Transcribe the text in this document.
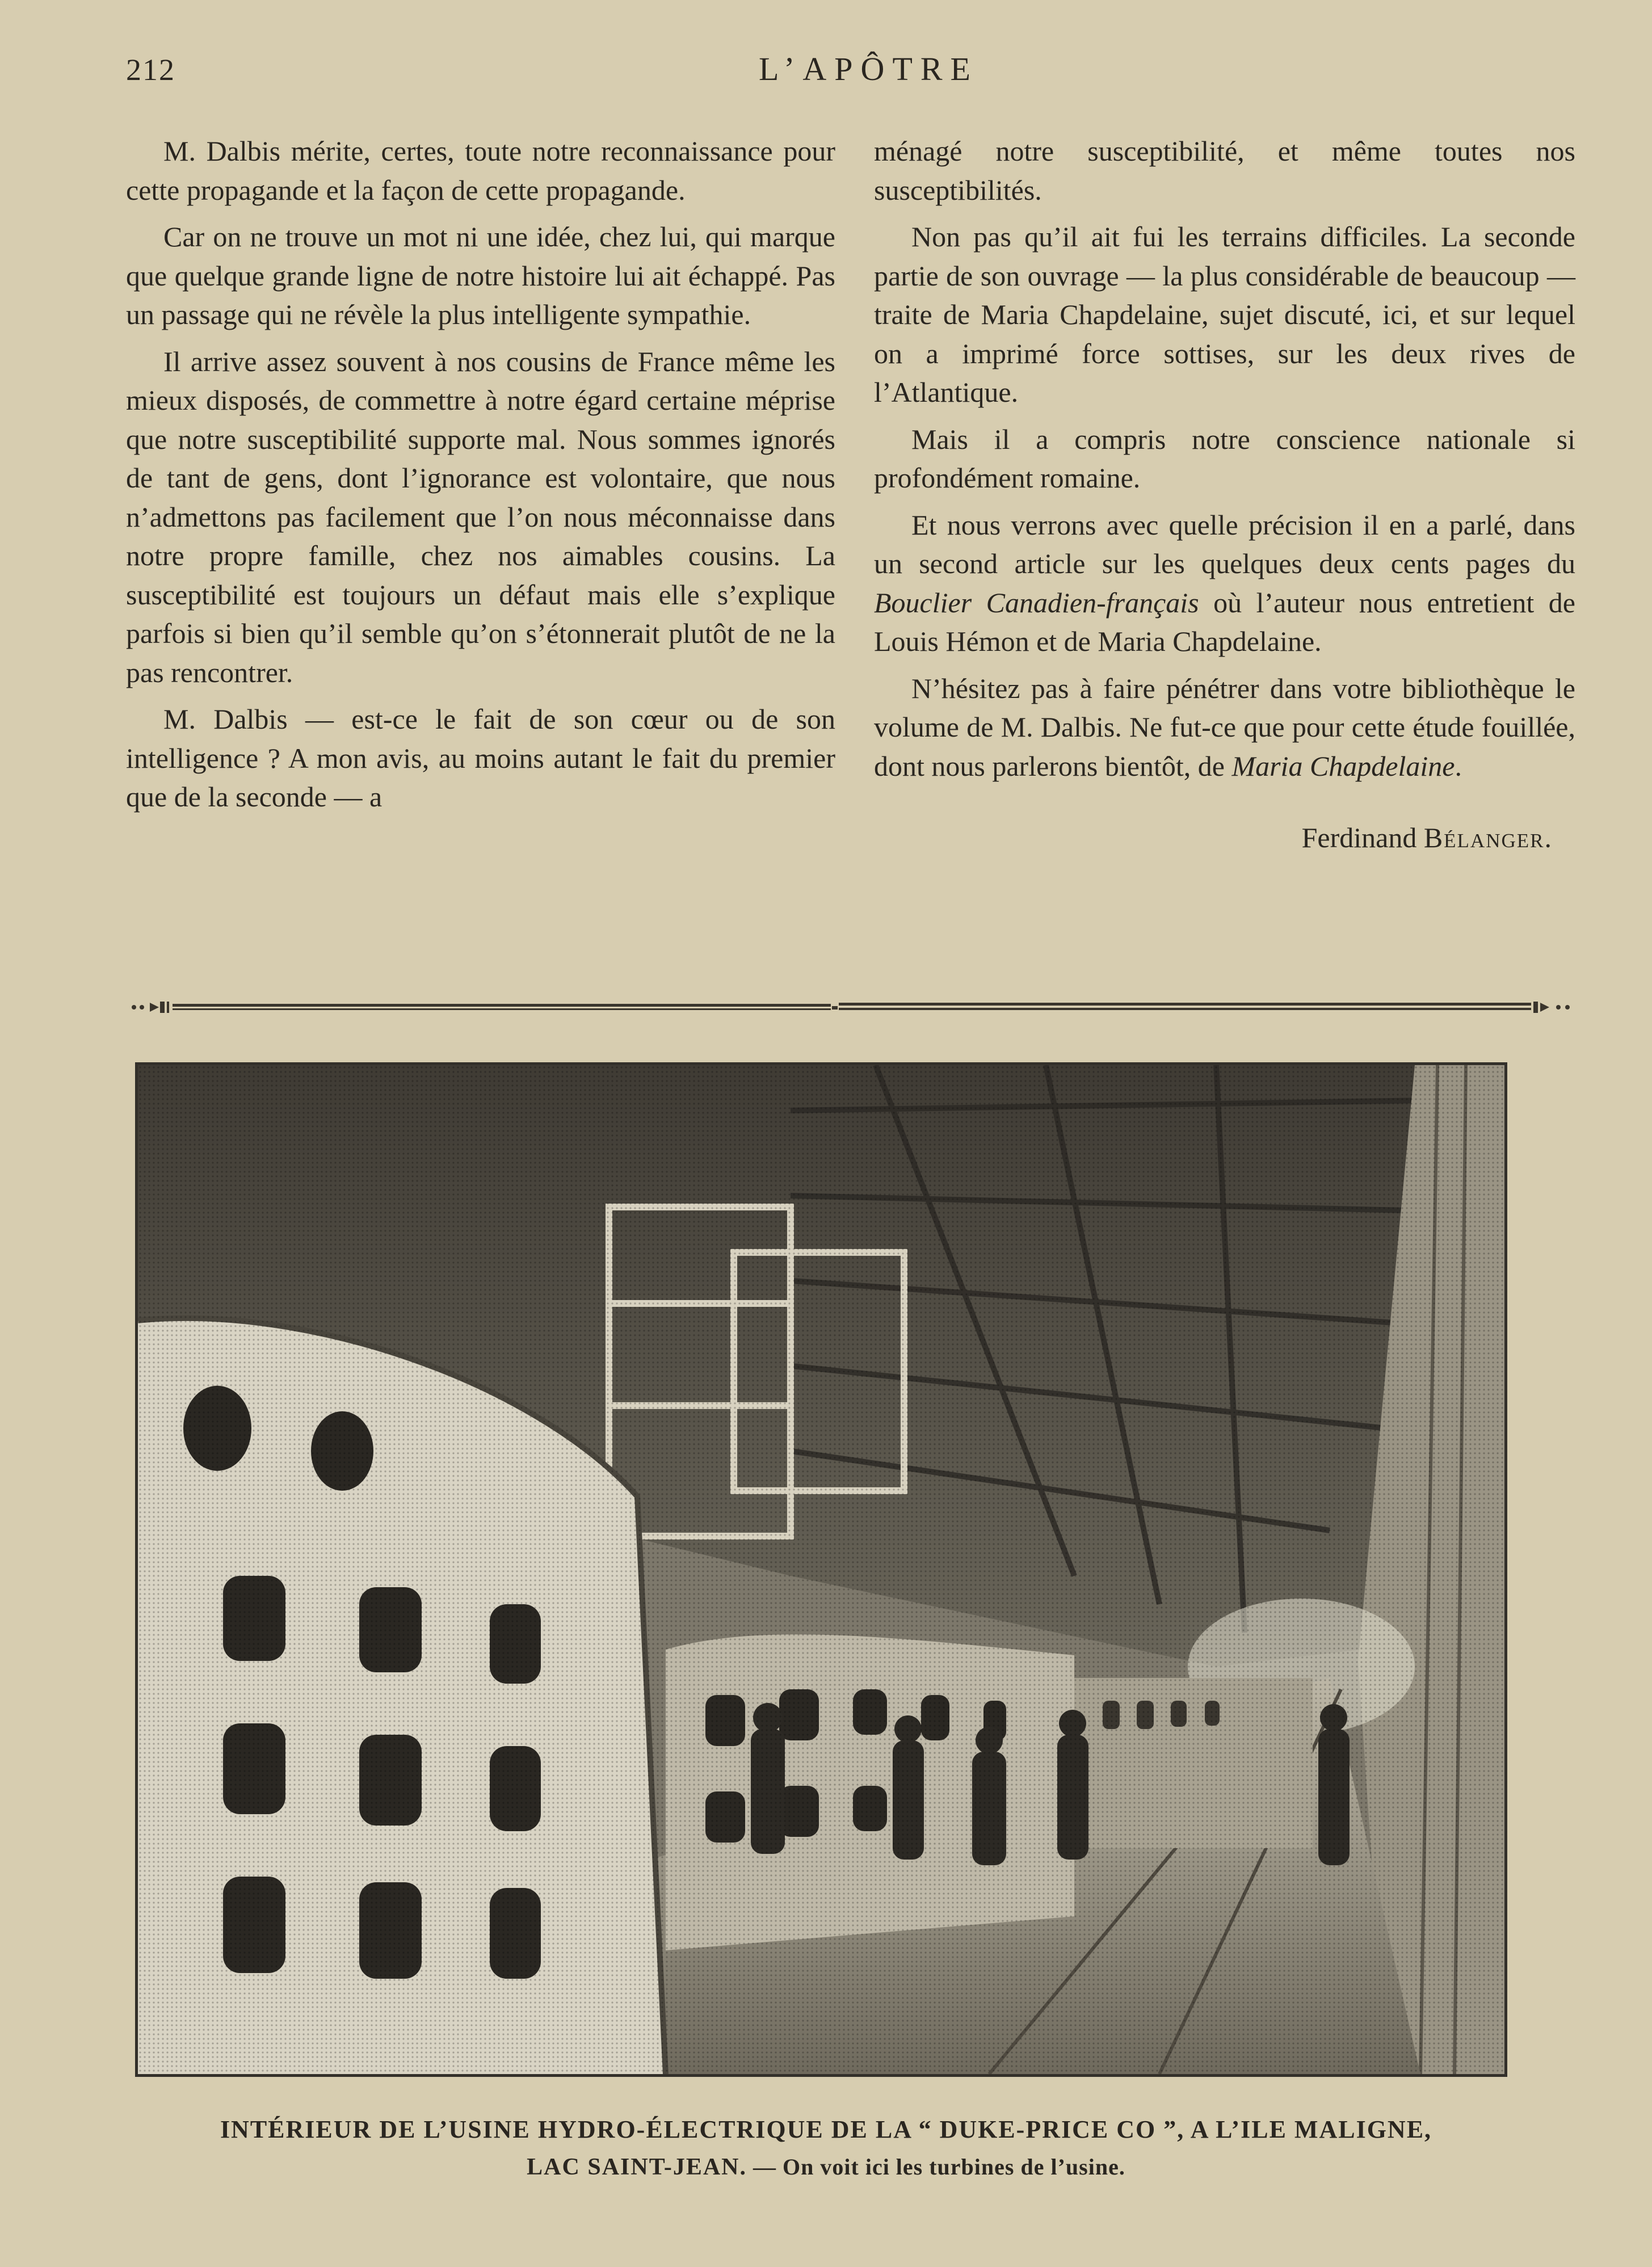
212	L’APÔTRE

M. Dalbis mérite, certes, toute notre reconnaissance pour cette propagande et la façon de cette propagande.

Car on ne trouve un mot ni une idée, chez lui, qui marque que quelque grande ligne de notre histoire lui ait échappé. Pas un passage qui ne révèle la plus intelligente sympathie.

Il arrive assez souvent à nos cousins de France même les mieux disposés, de commettre à notre égard certaine méprise que notre susceptibilité supporte mal. Nous sommes ignorés de tant de gens, dont l’ignorance est volontaire, que nous n’admettons pas facilement que l’on nous méconnaisse dans notre propre famille, chez nos aimables cousins. La susceptibilité est toujours un défaut mais elle s’explique parfois si bien qu’il semble qu’on s’étonnerait plutôt de ne la pas rencontrer.

M. Dalbis — est-ce le fait de son cœur ou de son intelligence ? A mon avis, au moins autant le fait du premier que de la seconde — a

ménagé notre susceptibilité, et même toutes nos susceptibilités.

Non pas qu’il ait fui les terrains difficiles. La seconde partie de son ouvrage — la plus considérable de beaucoup — traite de Maria Chapdelaine, sujet discuté, ici, et sur lequel on a imprimé force sottises, sur les deux rives de l’Atlantique.

Mais il a compris notre conscience nationale si profondément romaine.

Et nous verrons avec quelle précision il en a parlé, dans un second article sur les quelques deux cents pages du Bouclier Canadien-français où l’auteur nous entretient de Louis Hémon et de Maria Chapdelaine.

N’hésitez pas à faire pénétrer dans votre bibliothèque le volume de M. Dalbis. Ne fut-ce que pour cette étude fouillée, dont nous parlerons bientôt, de Maria Chapdelaine.

Ferdinand Bélanger.
INTÉRIEUR DE L’USINE HYDRO-ÉLECTRIQUE DE LA “ DUKE-PRICE CO ”, A L’ILE MALIGNE,
LAC SAINT-JEAN. — On voit ici les turbines de l’usine.
